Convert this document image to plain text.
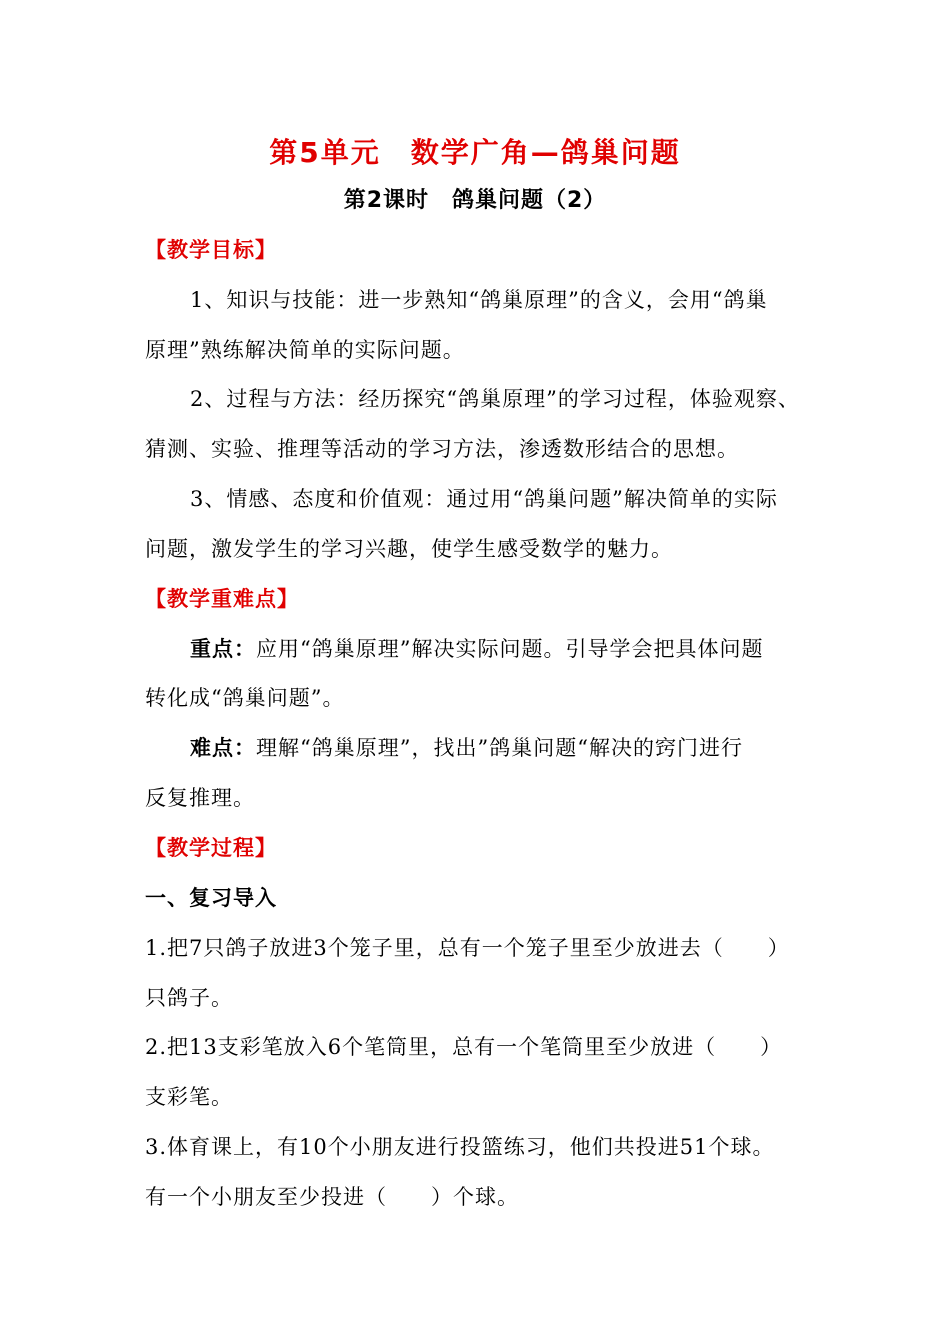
第5单元　数学广角—鸽巢问题
第2课时　鸽巢问题（2）
【教学目标】
1、知识与技能：进一步熟知“鸽巢原理”的含义，会用“鸽巢
原理”熟练解决简单的实际问题。
2、过程与方法：经历探究“鸽巢原理”的学习过程，体验观察、
猜测、实验、推理等活动的学习方法，渗透数形结合的思想。
3、情感、态度和价值观：通过用“鸽巢问题”解决简单的实际
问题，激发学生的学习兴趣，使学生感受数学的魅力。
【教学重难点】
重点：应用“鸽巢原理”解决实际问题。引导学会把具体问题
转化成“鸽巢问题”。
难点：理解“鸽巢原理”，找出”鸽巢问题“解决的窍门进行
反复推理。
【教学过程】
一、复习导入
1.把7只鸽子放进3个笼子里，总有一个笼子里至少放进去（　　）
只鸽子。
2.把13支彩笔放入6个笔筒里，总有一个笔筒里至少放进（　　）
支彩笔。
3.体育课上，有10个小朋友进行投篮练习，他们共投进51个球。
有一个小朋友至少投进（　　）个球。
